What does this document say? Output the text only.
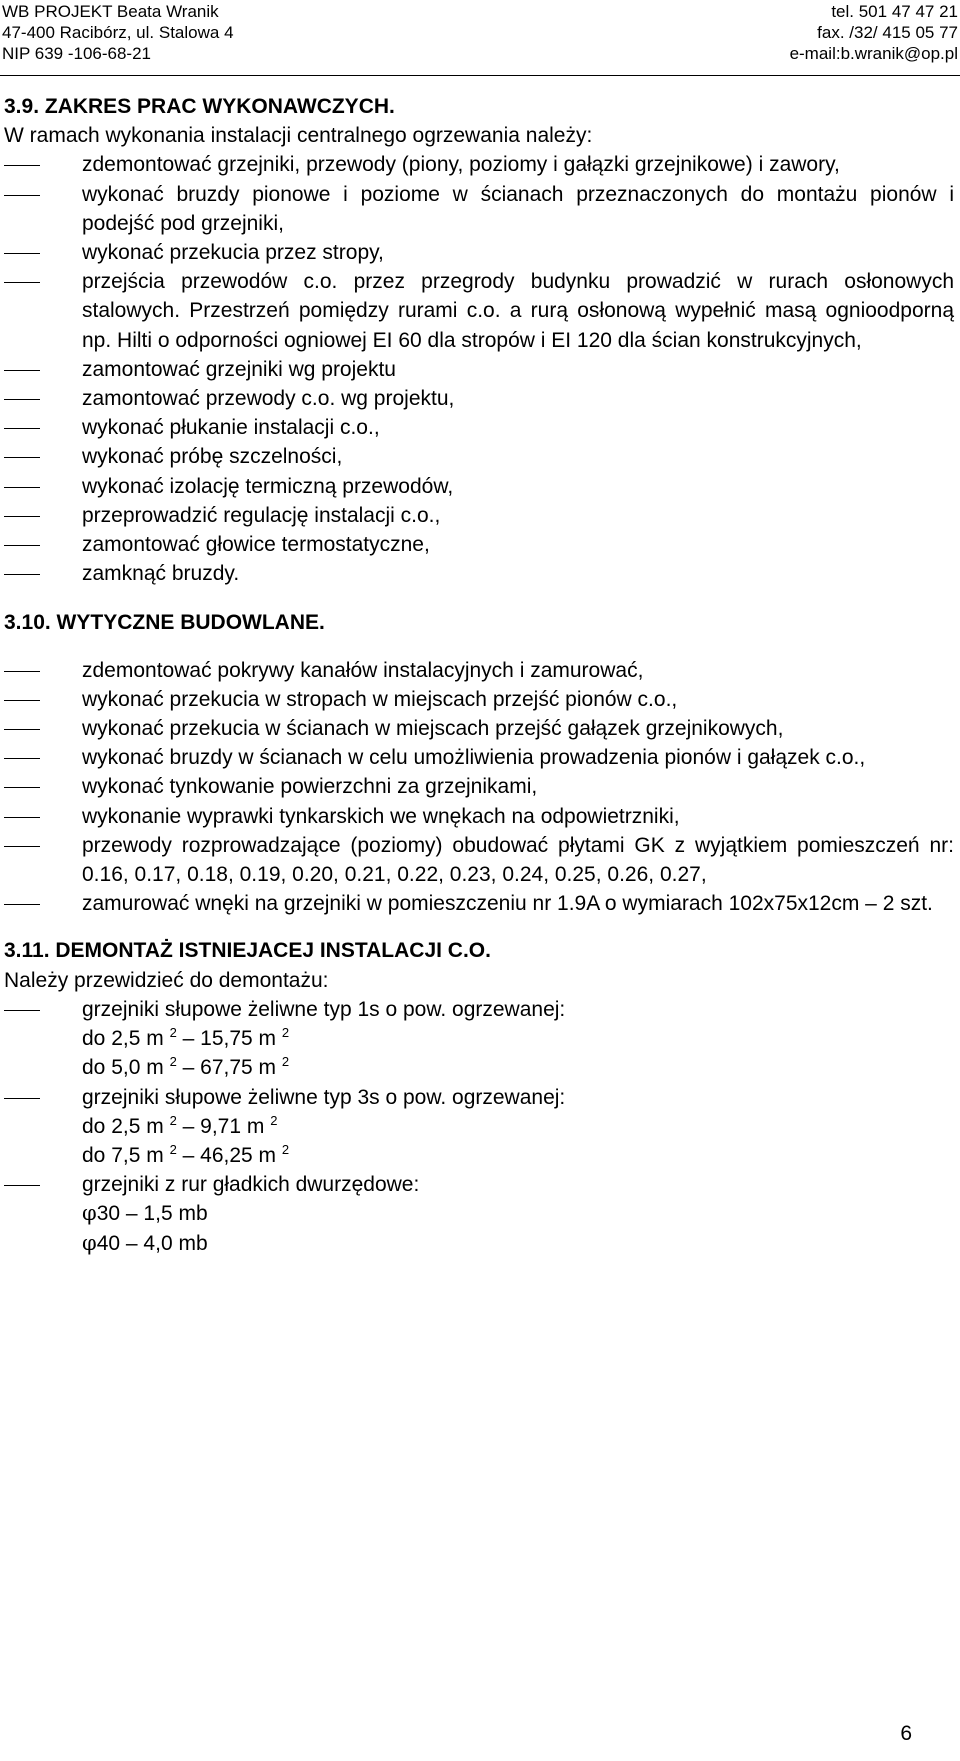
WB PROJEKT Beata Wranik
47-400 Racibórz, ul. Stalowa 4
NIP 639 -106-68-21
tel. 501 47 47 21
fax. /32/ 415 05 77
e-mail:b.wranik@op.pl
3.9. ZAKRES PRAC WYKONAWCZYCH.

W ramach wykonania instalacji centralnego ogrzewania należy:

zdemontować grzejniki, przewody (piony, poziomy i gałązki grzejnikowe) i zawory,
wykonać bruzdy pionowe i poziome w ścianach przeznaczonych do montażu pionów i podejść pod grzejniki,
wykonać przekucia przez stropy,
przejścia przewodów c.o. przez przegrody budynku prowadzić w rurach osłonowych stalowych. Przestrzeń pomiędzy rurami c.o. a rurą osłonową wypełnić masą ognioodporną np. Hilti o odporności ogniowej EI 60 dla stropów i EI 120 dla ścian konstrukcyjnych,
zamontować grzejniki wg projektu
zamontować przewody c.o. wg projektu,
wykonać płukanie instalacji c.o.,
wykonać próbę szczelności,
wykonać izolację termiczną przewodów,
przeprowadzić regulację instalacji c.o.,
zamontować głowice termostatyczne,
zamknąć bruzdy.
3.10. WYTYCZNE BUDOWLANE.
zdemontować pokrywy kanałów instalacyjnych i zamurować,
wykonać przekucia w stropach w miejscach przejść pionów c.o.,
wykonać przekucia w ścianach w miejscach przejść gałązek grzejnikowych,
wykonać bruzdy w ścianach w celu umożliwienia prowadzenia pionów i gałązek c.o.,
wykonać tynkowanie powierzchni za grzejnikami,
wykonanie wyprawki tynkarskich we wnękach na odpowietrzniki,
przewody rozprowadzające (poziomy) obudować płytami GK z wyjątkiem pomieszczeń nr: 0.16, 0.17, 0.18, 0.19, 0.20, 0.21, 0.22, 0.23, 0.24, 0.25, 0.26, 0.27,
zamurować wnęki na grzejniki w pomieszczeniu nr 1.9A o wymiarach 102x75x12cm – 2 szt.
3.11. DEMONTAŻ ISTNIEJACEJ INSTALACJI C.O.

Należy przewidzieć do demontażu:

grzejniki słupowe żeliwne typ 1s o pow. ogrzewanej:
do 2,5 m $^2$ – 15,75 m $^2$
do 5,0 m $^2$ – 67,75 m $^2$
grzejniki słupowe żeliwne typ 3s o pow. ogrzewanej:
do 2,5 m $^2$ – 9,71 m $^2$
do 7,5 m $^2$ – 46,25 m $^2$
grzejniki z rur gładkich dwurzędowe:
φ30 – 1,5 mb
φ40 – 4,0 mb
6
